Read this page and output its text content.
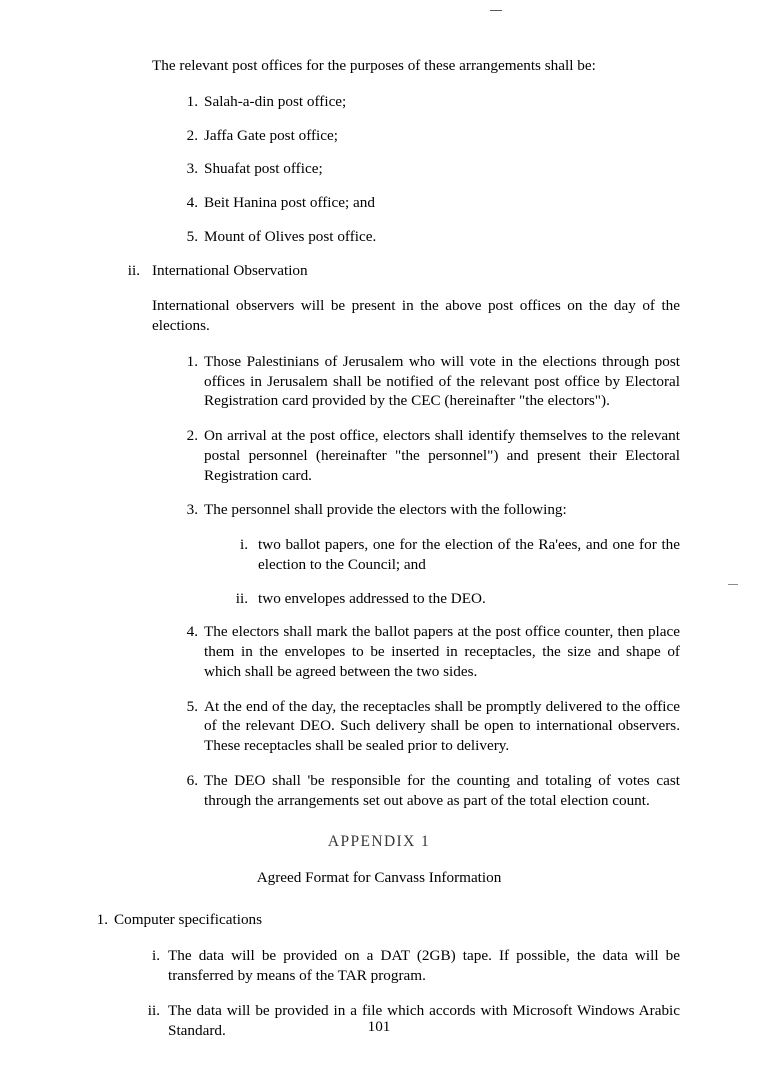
The relevant post offices for the purposes of these arrangements shall be:

1. Salah-a-din post office;

2. Jaffa Gate post office;

3. Shuafat post office;

4. Beit Hanina post office; and

5. Mount of Olives post office.

ii. International Observation

International observers will be present in the above post offices on the day of the elections.

1. Those Palestinians of Jerusalem who will vote in the elections through post offices in Jerusalem shall be notified of the relevant post office by Electoral Registration card provided by the CEC (hereinafter "the electors").

2. On arrival at the post office, electors shall identify themselves to the relevant postal personnel (hereinafter "the personnel") and present their Electoral Registration card.

3. The personnel shall provide the electors with the following:

i. two ballot papers, one for the election of the Ra'ees, and one for the election to the Council; and

ii. two envelopes addressed to the DEO.

4. The electors shall mark the ballot papers at the post office counter, then place them in the envelopes to be inserted in receptacles, the size and shape of which shall be agreed between the two sides.

5. At the end of the day, the receptacles shall be promptly delivered to the office of the relevant DEO. Such delivery shall be open to international observers. These receptacles shall be sealed prior to delivery.

6. The DEO shall 'be responsible for the counting and totaling of votes cast through the arrangements set out above as part of the total election count.

APPENDIX 1

Agreed Format for Canvass Information

1. Computer specifications

i. The data will be provided on a DAT (2GB) tape. If possible, the data will be transferred by means of the TAR program.

ii. The data will be provided in a file which accords with Microsoft Windows Arabic Standard.	101
